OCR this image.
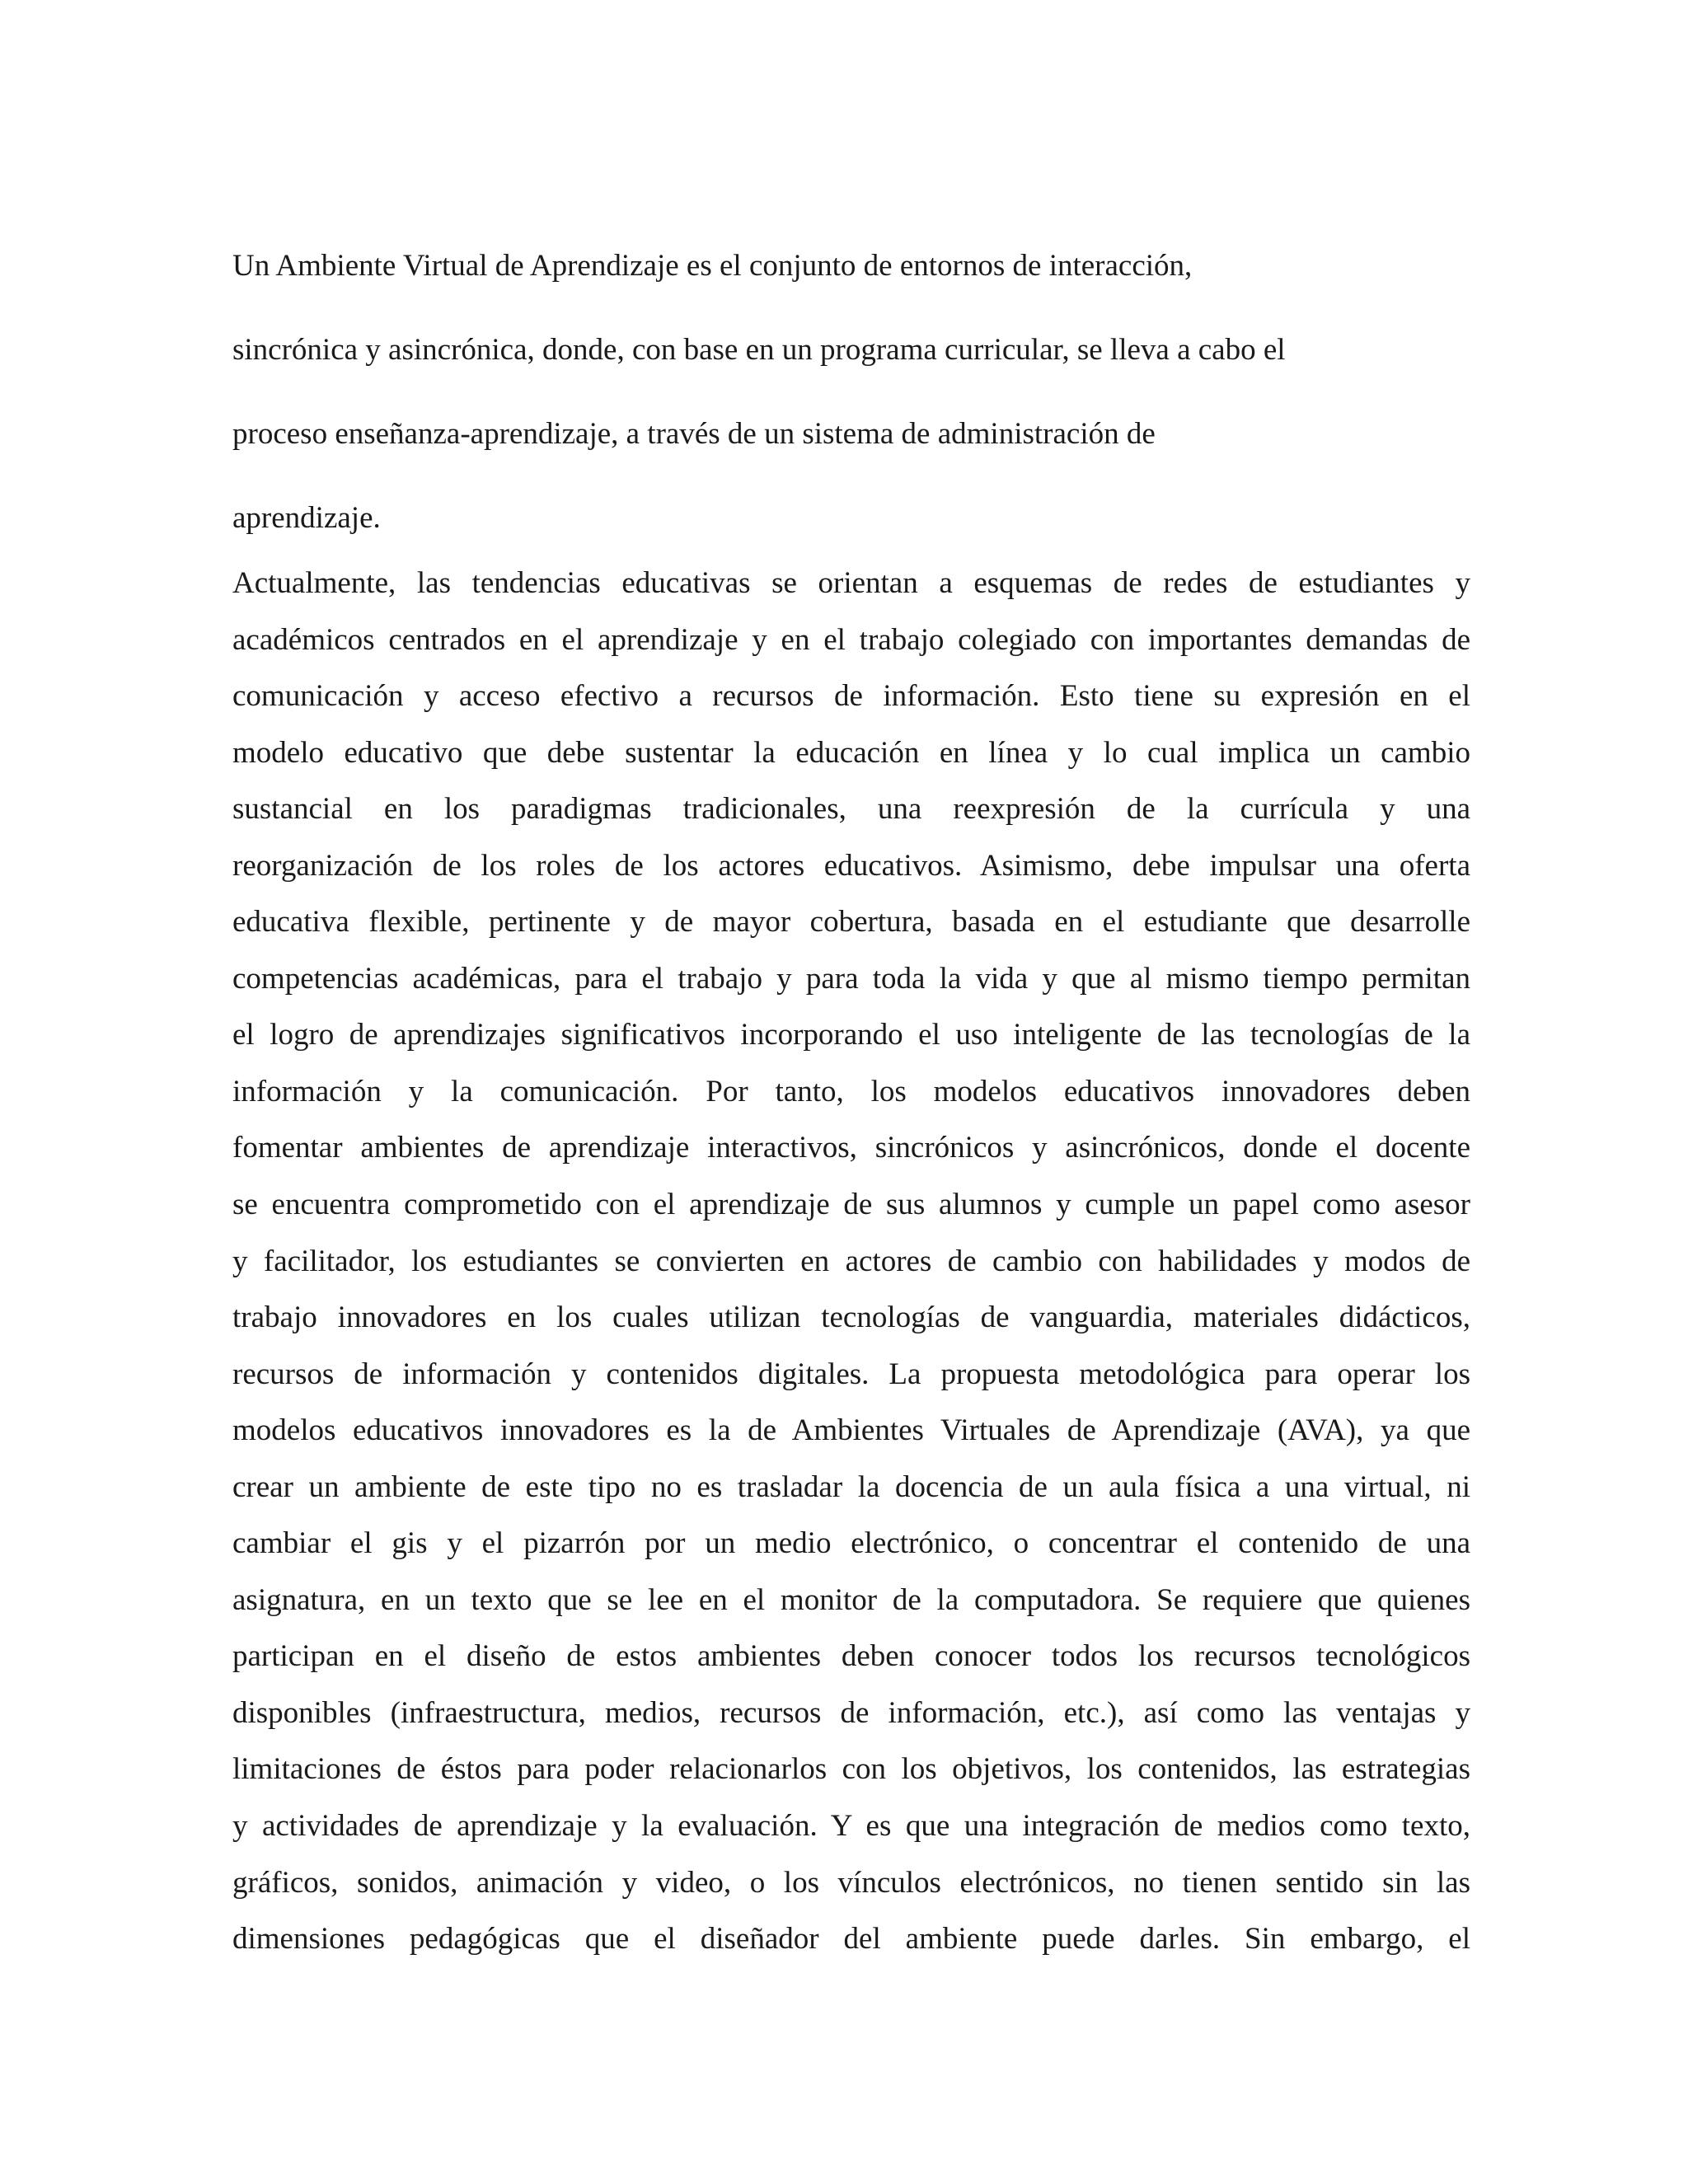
Un Ambiente Virtual de Aprendizaje es el conjunto de entornos de interacción,
sincrónica y asincrónica, donde, con base en un programa curricular, se lleva a cabo el
proceso enseñanza-aprendizaje, a través de un sistema de administración de
aprendizaje.

Actualmente, las tendencias educativas se orientan a esquemas de redes de estudiantes y
académicos centrados en el aprendizaje y en el trabajo colegiado con importantes demandas de
comunicación y acceso efectivo a recursos de información. Esto tiene su expresión en el
modelo educativo que debe sustentar la educación en línea y lo cual implica un cambio
sustancial en los paradigmas tradicionales, una reexpresión de la currícula y una
reorganización de los roles de los actores educativos. Asimismo, debe impulsar una oferta
educativa flexible, pertinente y de mayor cobertura, basada en el estudiante que desarrolle
competencias académicas, para el trabajo y para toda la vida y que al mismo tiempo permitan
el logro de aprendizajes significativos incorporando el uso inteligente de las tecnologías de la
información y la comunicación. Por tanto, los modelos educativos innovadores deben
fomentar ambientes de aprendizaje interactivos, sincrónicos y asincrónicos, donde el docente
se encuentra comprometido con el aprendizaje de sus alumnos y cumple un papel como asesor
y facilitador, los estudiantes se convierten en actores de cambio con habilidades y modos de
trabajo innovadores en los cuales utilizan tecnologías de vanguardia, materiales didácticos,
recursos de información y contenidos digitales. La propuesta metodológica para operar los
modelos educativos innovadores es la de Ambientes Virtuales de Aprendizaje (AVA), ya que
crear un ambiente de este tipo no es trasladar la docencia de un aula física a una virtual, ni
cambiar el gis y el pizarrón por un medio electrónico, o concentrar el contenido de una
asignatura, en un texto que se lee en el monitor de la computadora. Se requiere que quienes
participan en el diseño de estos ambientes deben conocer todos los recursos tecnológicos
disponibles (infraestructura, medios, recursos de información, etc.), así como las ventajas y
limitaciones de éstos para poder relacionarlos con los objetivos, los contenidos, las estrategias
y actividades de aprendizaje y la evaluación. Y es que una integración de medios como texto,
gráficos, sonidos, animación y video, o los vínculos electrónicos, no tienen sentido sin las
dimensiones pedagógicas que el diseñador del ambiente puede darles. Sin embargo, el
